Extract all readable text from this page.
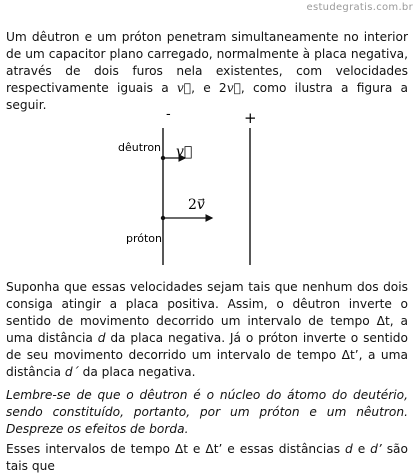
estudegratis.com.br

Um dêutron e um próton penetram simultaneamente no interior de um capacitor plano carregado, normalmente à placa negativa, através de dois furos nela existentes, com velocidades respectivamente iguais a v, e 2v, como ilustra a figura a seguir.

-	+
dêutron v
2v
próton

Suponha que essas velocidades sejam tais que nenhum dos dois consiga atingir a placa positiva. Assim, o dêutron inverte o sentido de movimento decorrido um intervalo de tempo Δt, a uma distância d da placa negativa. Já o próton inverte o sentido de seu movimento decorrido um intervalo de tempo Δt’, a uma distância d´ da placa negativa.

Lembre-se de que o dêutron é o núcleo do átomo do deutério, sendo constituído, portanto, por um próton e um nêutron. Despreze os efeitos de borda.

Esses intervalos de tempo Δt e Δt’ e essas distâncias d e d’ são tais que
